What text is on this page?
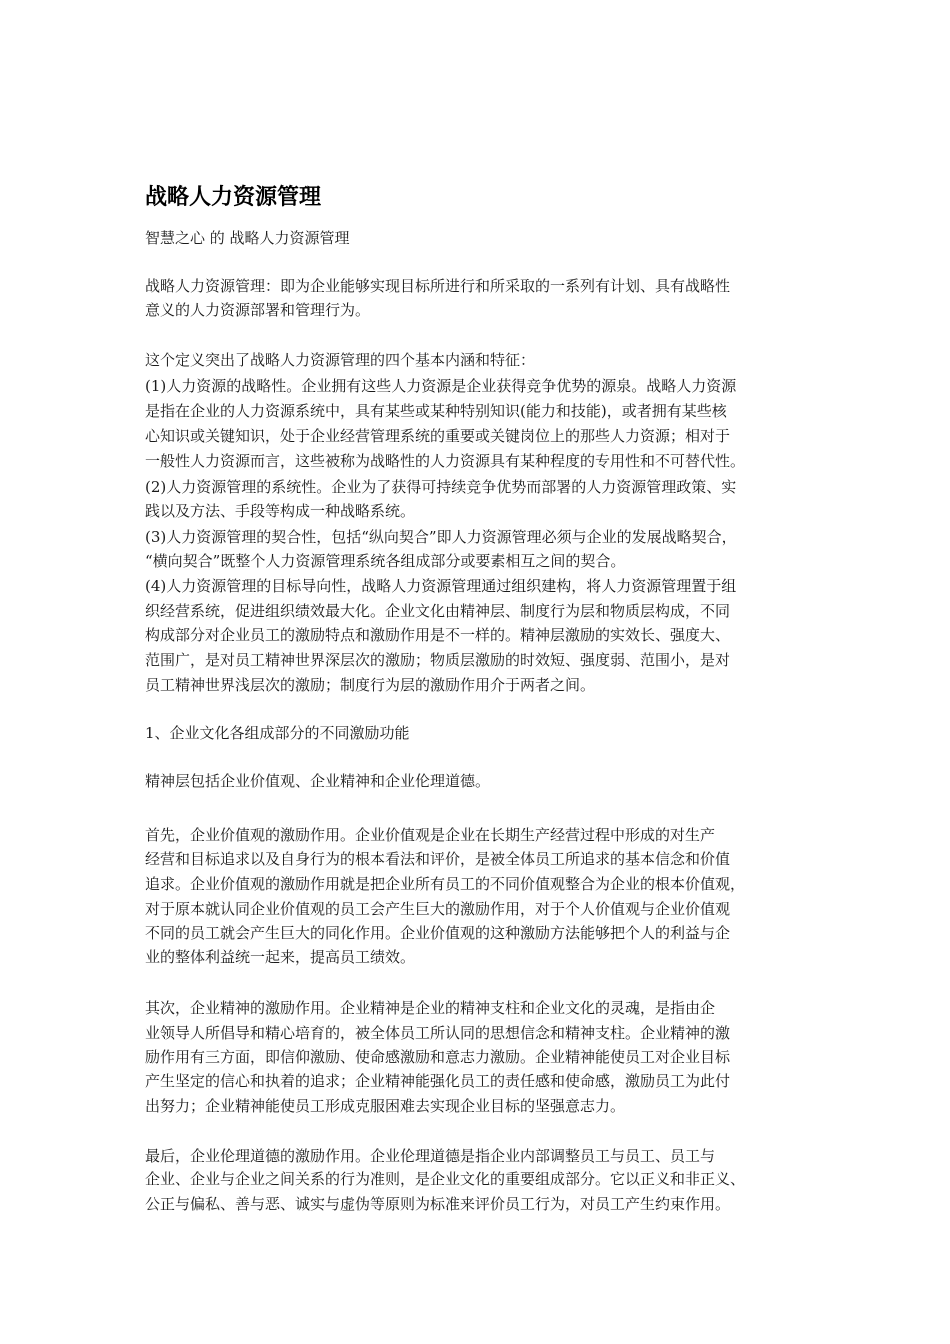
战略人力资源管理
智慧之心 的 战略人力资源管理
战略人力资源管理：即为企业能够实现目标所进行和所采取的一系列有计划、具有战略性
意义的人力资源部署和管理行为。
这个定义突出了战略人力资源管理的四个基本内涵和特征：
(1)人力资源的战略性。企业拥有这些人力资源是企业获得竞争优势的源泉。战略人力资源
是指在企业的人力资源系统中，具有某些或某种特别知识(能力和技能)，或者拥有某些核
心知识或关键知识，处于企业经营管理系统的重要或关键岗位上的那些人力资源；相对于
一般性人力资源而言，这些被称为战略性的人力资源具有某种程度的专用性和不可替代性。
(2)人力资源管理的系统性。企业为了获得可持续竞争优势而部署的人力资源管理政策、实
践以及方法、手段等构成一种战略系统。
(3)人力资源管理的契合性，包括“纵向契合”即人力资源管理必须与企业的发展战略契合，
“横向契合”既整个人力资源管理系统各组成部分或要素相互之间的契合。
(4)人力资源管理的目标导向性，战略人力资源管理通过组织建构，将人力资源管理置于组
织经营系统，促进组织绩效最大化。企业文化由精神层、制度行为层和物质层构成，不同
构成部分对企业员工的激励特点和激励作用是不一样的。精神层激励的实效长、强度大、
范围广，是对员工精神世界深层次的激励；物质层激励的时效短、强度弱、范围小，是对
员工精神世界浅层次的激励；制度行为层的激励作用介于两者之间。
1、企业文化各组成部分的不同激励功能
精神层包括企业价值观、企业精神和企业伦理道德。
首先，企业价值观的激励作用。企业价值观是企业在长期生产经营过程中形成的对生产
经营和目标追求以及自身行为的根本看法和评价，是被全体员工所追求的基本信念和价值
追求。企业价值观的激励作用就是把企业所有员工的不同价值观整合为企业的根本价值观，
对于原本就认同企业价值观的员工会产生巨大的激励作用，对于个人价值观与企业价值观
不同的员工就会产生巨大的同化作用。企业价值观的这种激励方法能够把个人的利益与企
业的整体利益统一起来，提高员工绩效。
其次，企业精神的激励作用。企业精神是企业的精神支柱和企业文化的灵魂，是指由企
业领导人所倡导和精心培育的，被全体员工所认同的思想信念和精神支柱。企业精神的激
励作用有三方面，即信仰激励、使命感激励和意志力激励。企业精神能使员工对企业目标
产生坚定的信心和执着的追求；企业精神能强化员工的责任感和使命感，激励员工为此付
出努力；企业精神能使员工形成克服困难去实现企业目标的坚强意志力。
最后，企业伦理道德的激励作用。企业伦理道德是指企业内部调整员工与员工、员工与
企业、企业与企业之间关系的行为准则，是企业文化的重要组成部分。它以正义和非正义、
公正与偏私、善与恶、诚实与虚伪等原则为标准来评价员工行为，对员工产生约束作用。
